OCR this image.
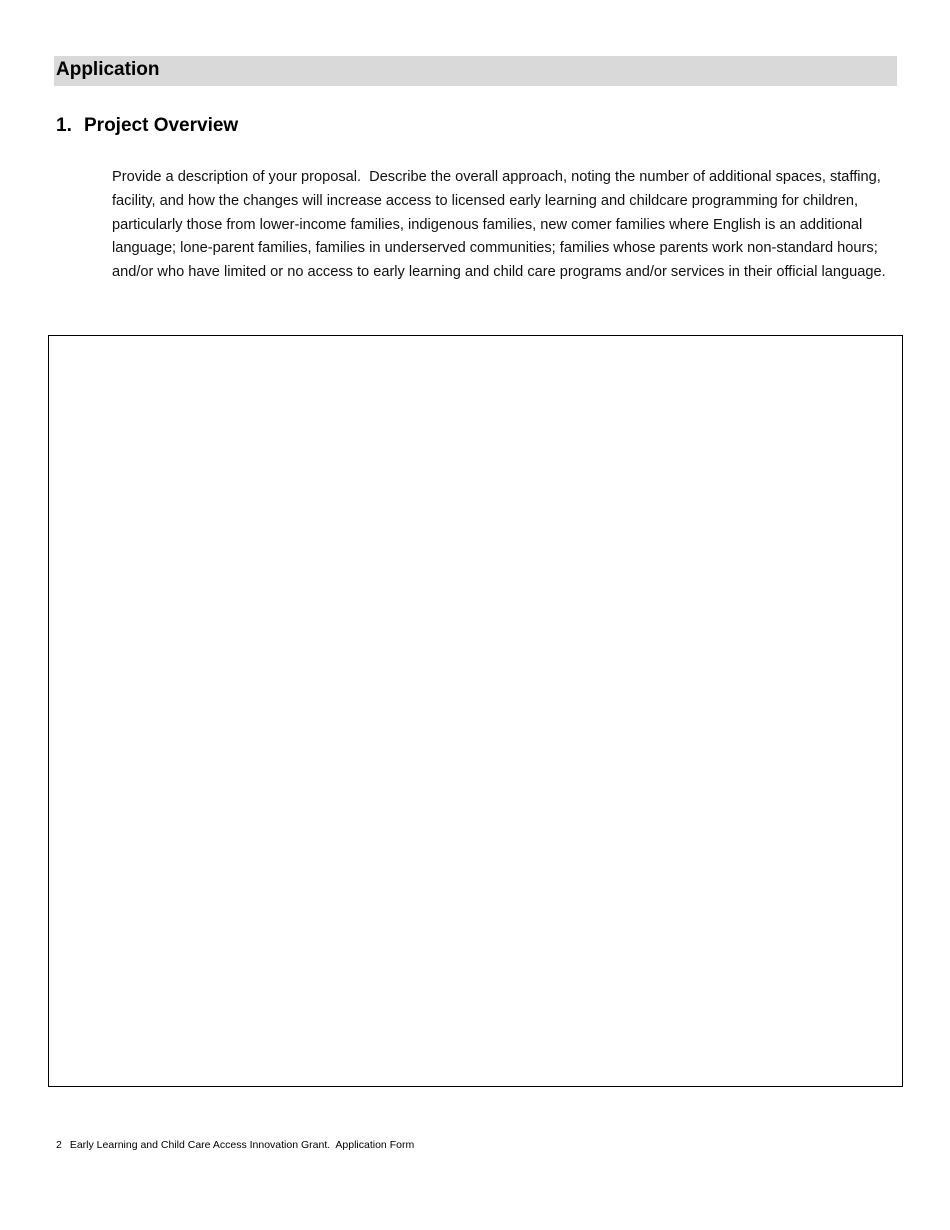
Application
1. Project Overview
Provide a description of your proposal.  Describe the overall approach, noting the number of additional spaces, staffing, facility, and how the changes will increase access to licensed early learning and childcare programming for children, particularly those from lower-income families, indigenous families, new comer families where English is an additional language; lone-parent families, families in underserved communities; families whose parents work non-standard hours; and/or who have limited or no access to early learning and child care programs and/or services in their official language.
2 Early Learning and Child Care Access Innovation Grant.  Application Form
